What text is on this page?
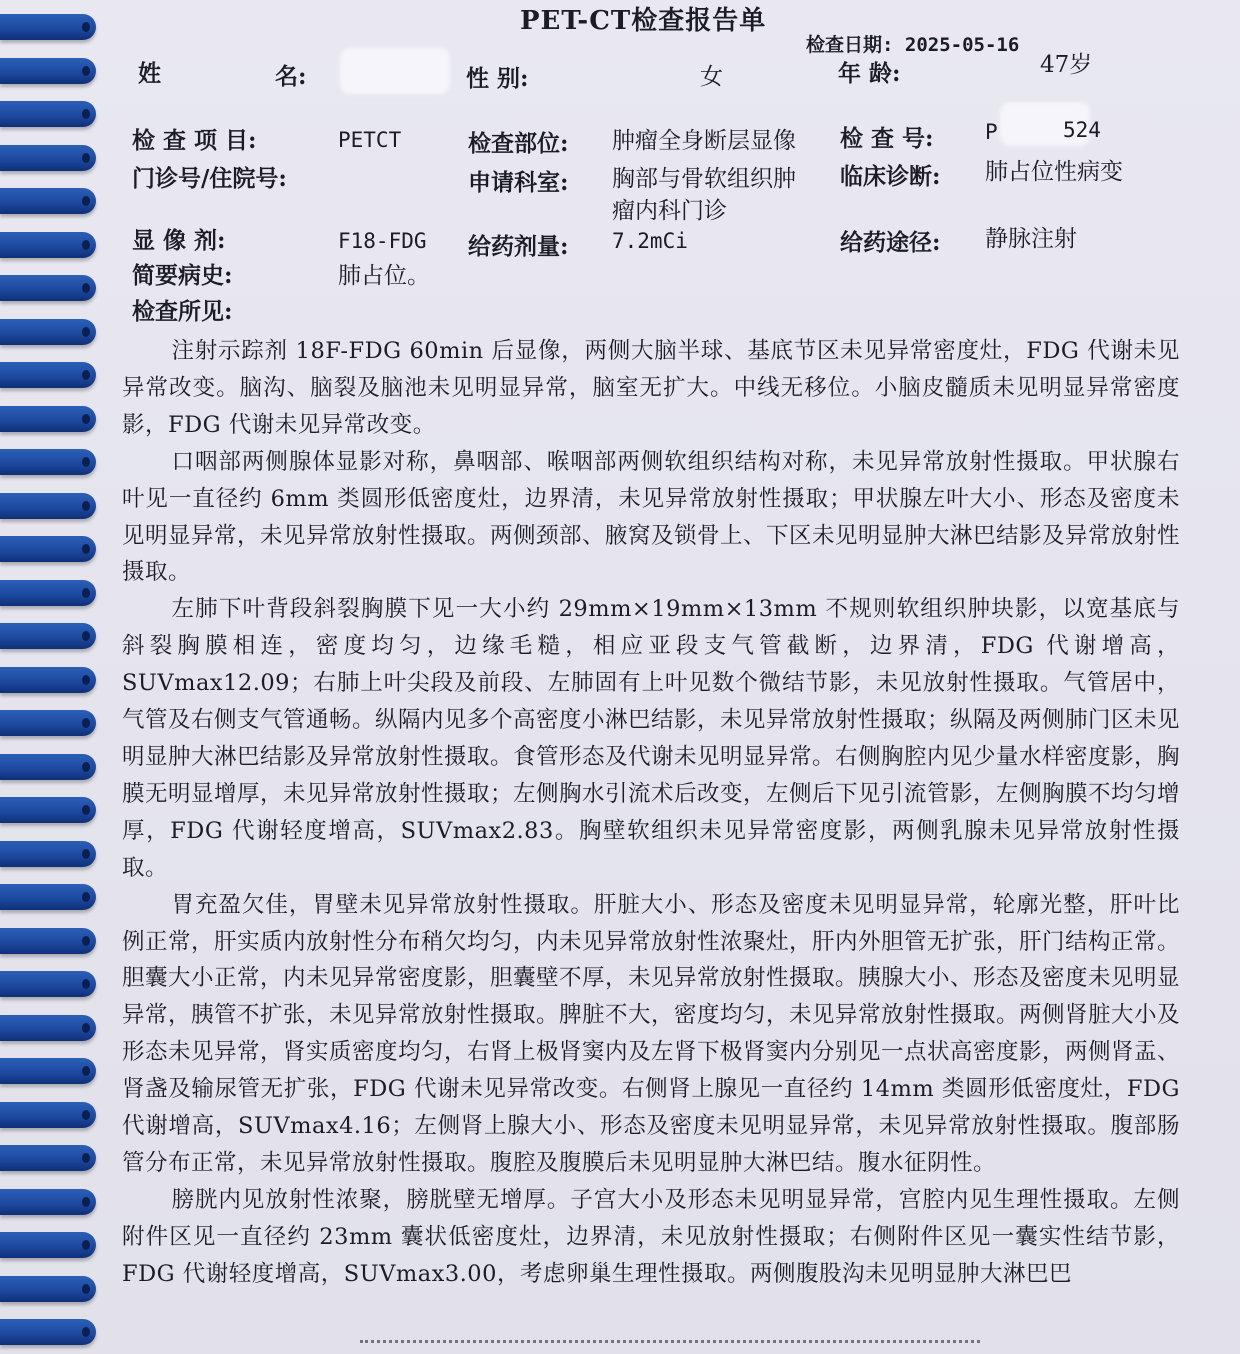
PET-CT检查报告单
检查日期: 2025-05-16
姓	名:	性 别:	女	年 龄:	47岁
检 查 项 目:	PETCT	检查部位: 肿瘤全身断层显像 检 查 号: P	524
门诊号/住院号:	申请科室: 胸部与骨软组织肿
瘤内科门诊
临床诊断: 肺占位性病变
显 像 剂:	F18-FDG 给药剂量: 7.2mCi	给药途径: 静脉注射
简要病史:	肺占位。
检查所见:

注射示踪剂 18F-FDG 60min 后显像，两侧大脑半球、基底节区未见异常密度灶，FDG 代谢未见异常改变。脑沟、脑裂及脑池未见明显异常，脑室无扩大。中线无移位。小脑皮髓质未见明显异常密度影，FDG 代谢未见异常改变。

口咽部两侧腺体显影对称，鼻咽部、喉咽部两侧软组织结构对称，未见异常放射性摄取。甲状腺右叶见一直径约 6mm 类圆形低密度灶，边界清，未见异常放射性摄取；甲状腺左叶大小、形态及密度未见明显异常，未见异常放射性摄取。两侧颈部、腋窝及锁骨上、下区未见明显肿大淋巴结影及异常放射性摄取。

左肺下叶背段斜裂胸膜下见一大小约 29mm×19mm×13mm 不规则软组织肿块影，以宽基底与斜裂胸膜相连，密度均匀，边缘毛糙，相应亚段支气管截断，边界清，FDG 代谢增高，SUVmax12.09；右肺上叶尖段及前段、左肺固有上叶见数个微结节影，未见放射性摄取。气管居中，气管及右侧支气管通畅。纵隔内见多个高密度小淋巴结影，未见异常放射性摄取；纵隔及两侧肺门区未见明显肿大淋巴结影及异常放射性摄取。食管形态及代谢未见明显异常。右侧胸腔内见少量水样密度影，胸膜无明显增厚，未见异常放射性摄取；左侧胸水引流术后改变，左侧后下见引流管影，左侧胸膜不均匀增厚，FDG 代谢轻度增高，SUVmax2.83。胸壁软组织未见异常密度影，两侧乳腺未见异常放射性摄取。

胃充盈欠佳，胃壁未见异常放射性摄取。肝脏大小、形态及密度未见明显异常，轮廓光整，肝叶比例正常，肝实质内放射性分布稍欠均匀，内未见异常放射性浓聚灶，肝内外胆管无扩张，肝门结构正常。胆囊大小正常，内未见异常密度影，胆囊壁不厚，未见异常放射性摄取。胰腺大小、形态及密度未见明显异常，胰管不扩张，未见异常放射性摄取。脾脏不大，密度均匀，未见异常放射性摄取。两侧肾脏大小及形态未见异常，肾实质密度均匀，右肾上极肾窦内及左肾下极肾窦内分别见一点状高密度影，两侧肾盂、肾盏及输尿管无扩张，FDG 代谢未见异常改变。右侧肾上腺见一直径约 14mm 类圆形低密度灶，FDG 代谢增高，SUVmax4.16；左侧肾上腺大小、形态及密度未见明显异常，未见异常放射性摄取。腹部肠管分布正常，未见异常放射性摄取。腹腔及腹膜后未见明显肿大淋巴结。腹水征阴性。

膀胱内见放射性浓聚，膀胱壁无增厚。子宫大小及形态未见明显异常，宫腔内见生理性摄取。左侧附件区见一直径约 23mm 囊状低密度灶，边界清，未见放射性摄取；右侧附件区见一囊实性结节影，FDG 代谢轻度增高，SUVmax3.00，考虑卵巢生理性摄取。两侧腹股沟未见明显肿大淋巴巴
